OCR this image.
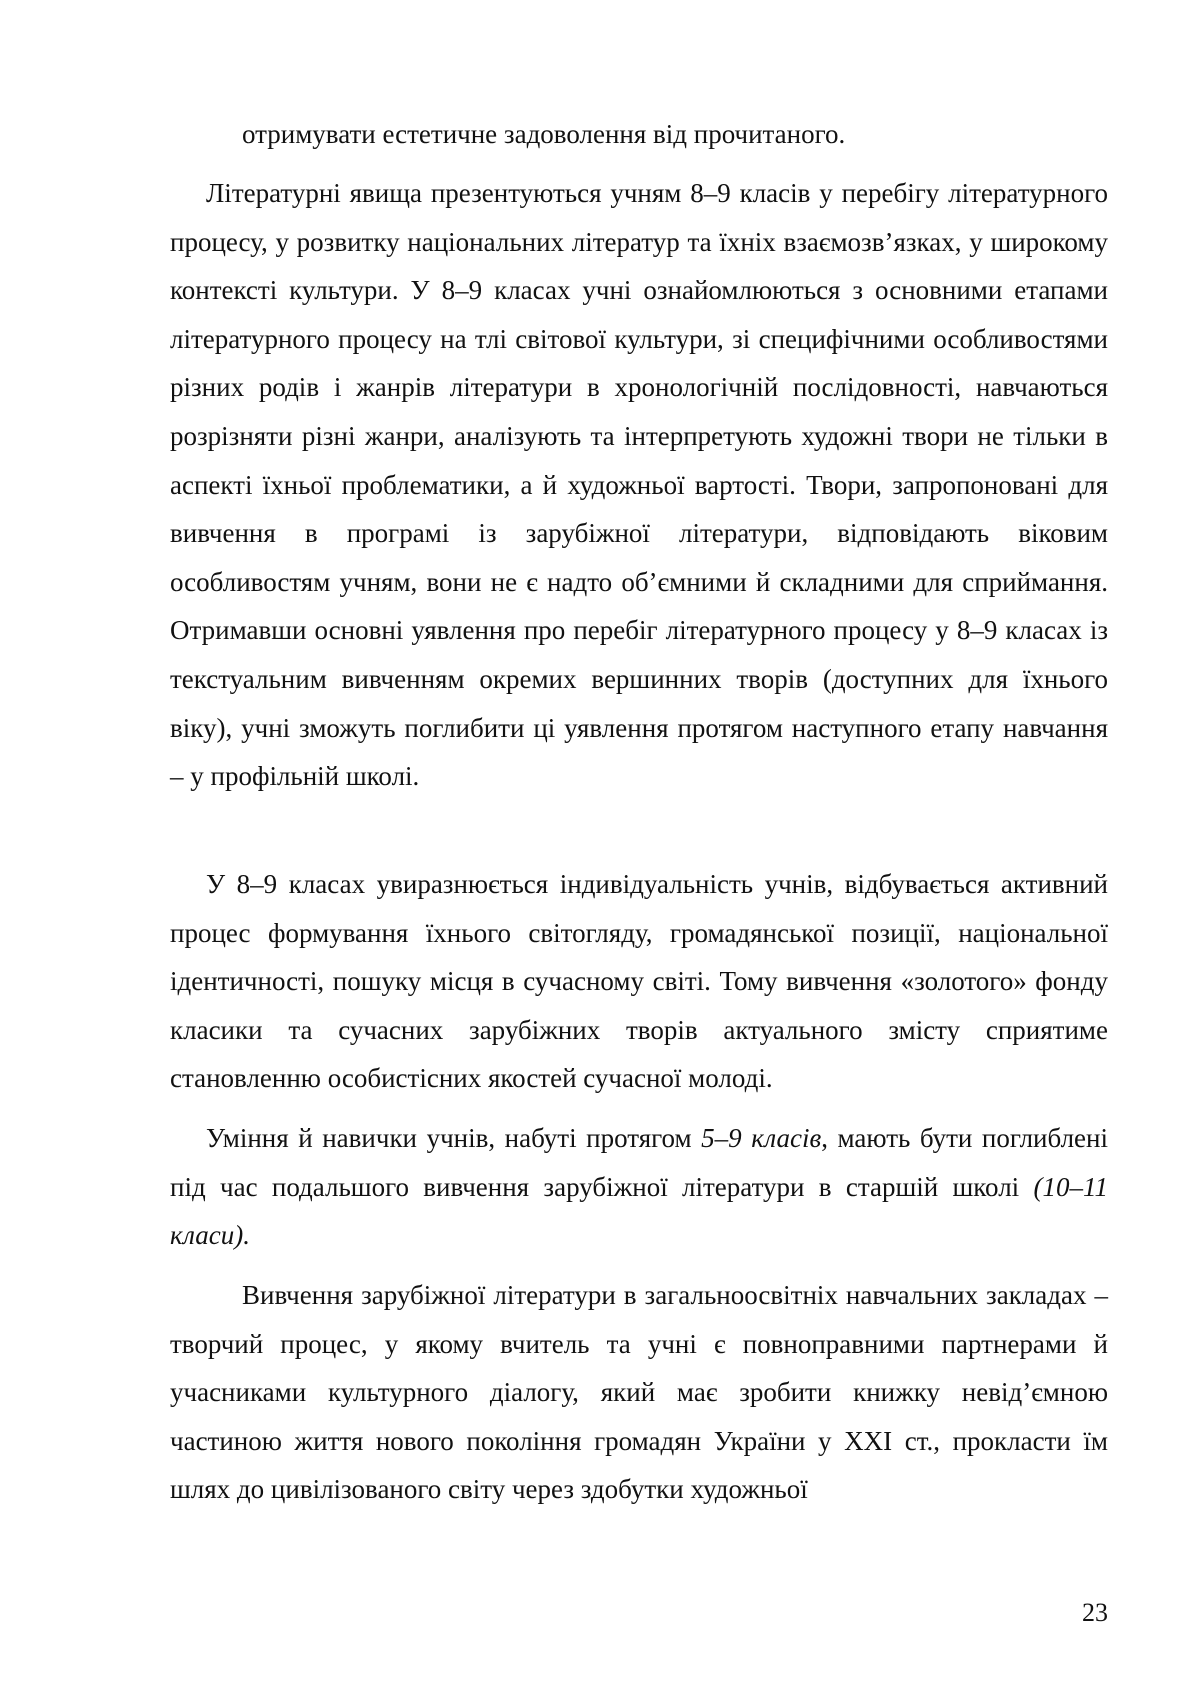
отримувати естетичне задоволення від прочитаного.

Літературні явища презентуються учням 8–9 класів у перебігу літературного процесу, у розвитку національних літератур та їхніх взаємозв’язках, у широкому контексті культури. У 8–9 класах учні ознайомлюються з основними етапами літературного процесу на тлі світової культури, зі специфічними особливостями різних родів і жанрів літератури в хронологічній послідовності, навчаються розрізняти різні жанри, аналізують та інтерпретують художні твори не тільки в аспекті їхньої проблематики, а й художньої вартості. Твори, запропоновані для вивчення в програмі із зарубіжної літератури, відповідають віковим особливостям учням, вони не є надто об’ємними й складними для сприймання. Отримавши основні уявлення про перебіг літературного процесу у 8–9 класах із текстуальним вивченням окремих вершинних творів (доступних для їхнього віку), учні зможуть поглибити ці уявлення протягом наступного етапу навчання – у профільній школі.

У 8–9 класах увиразнюється індивідуальність учнів, відбувається активний процес формування їхнього світогляду, громадянської позиції, національної ідентичності, пошуку місця в сучасному світі. Тому вивчення «золотого» фонду класики та сучасних зарубіжних творів актуального змісту сприятиме становленню особистісних якостей сучасної молоді.

Уміння й навички учнів, набуті протягом 5–9 класів, мають бути поглиблені під час подальшого вивчення зарубіжної літератури в старшій школі (10–11 класи).

Вивчення зарубіжної літератури в загальноосвітніх навчальних закладах – творчий процес, у якому вчитель та учні є повноправними партнерами й учасниками культурного діалогу, який має зробити книжку невід’ємною частиною життя нового покоління громадян України у XXI ст., прокласти їм шлях до цивілізованого світу через здобутки художньої

23
